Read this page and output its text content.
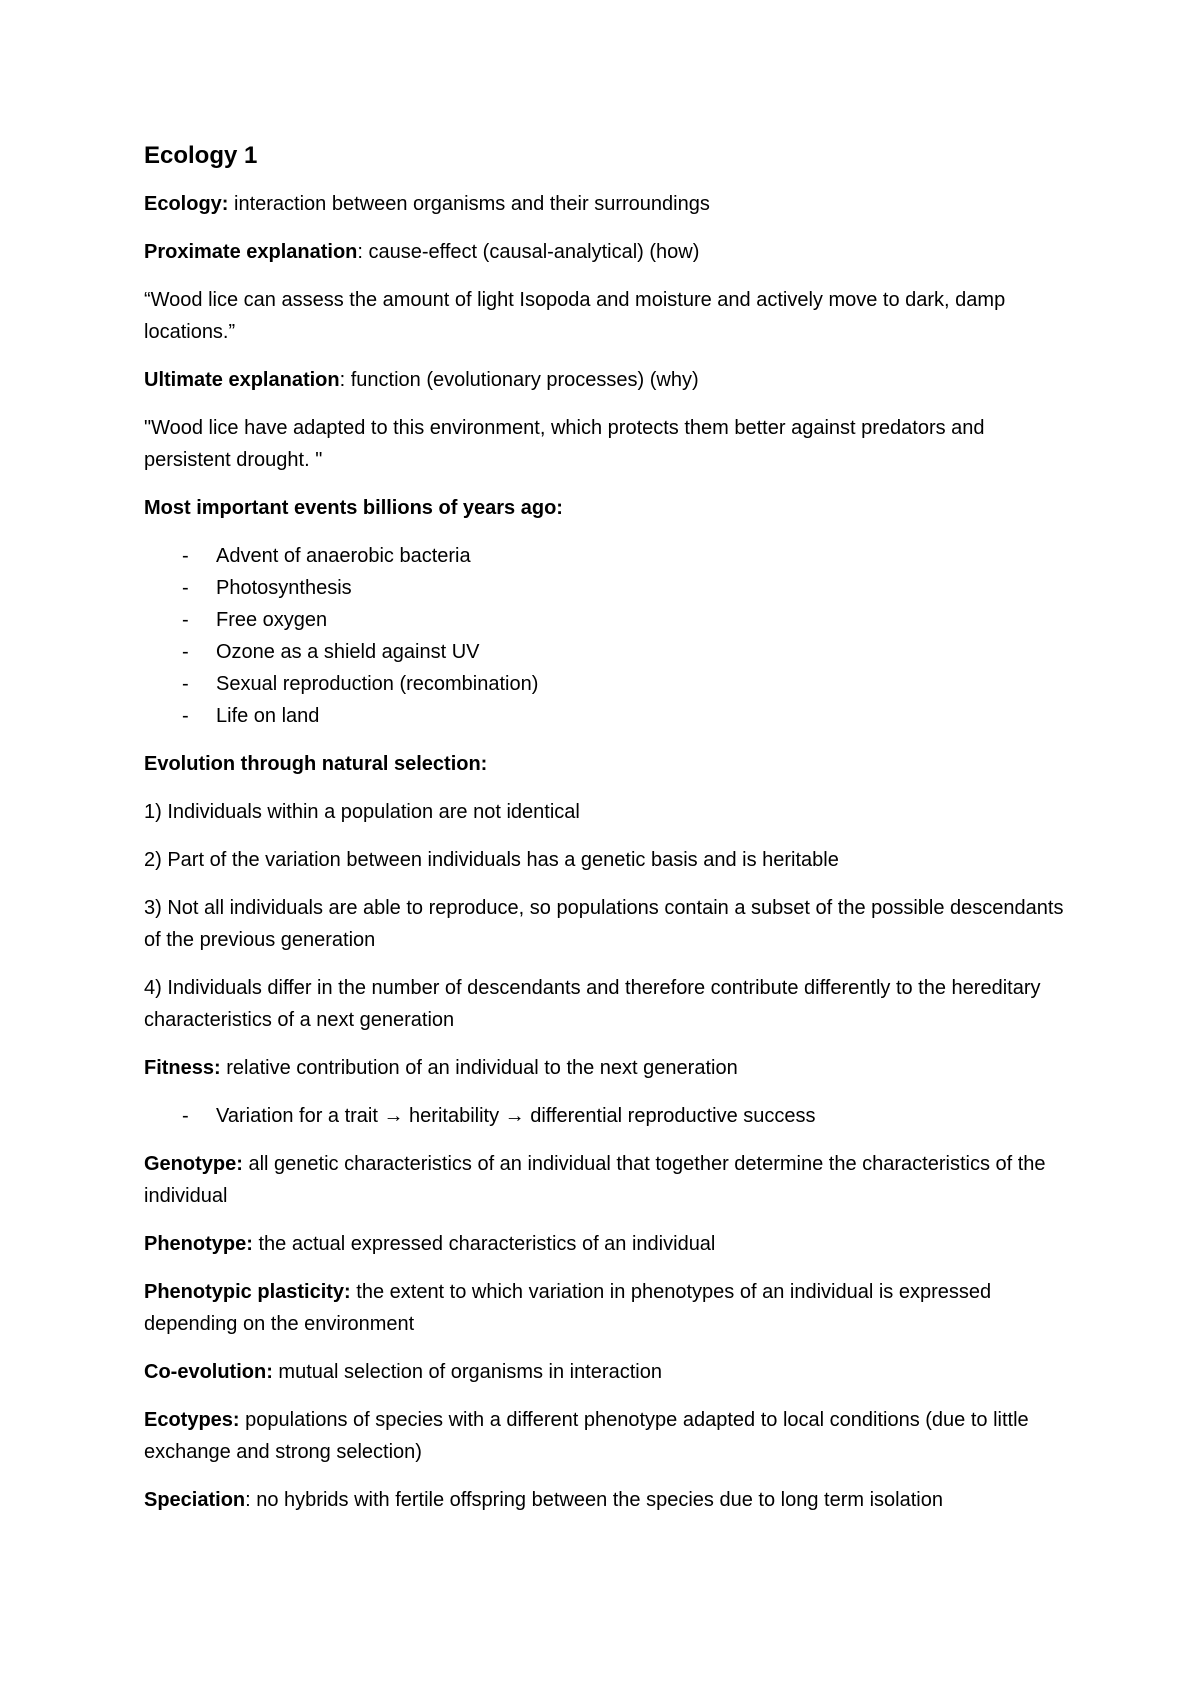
Ecology 1

Ecology: interaction between organisms and their surroundings

Proximate explanation: cause-effect (causal-analytical) (how)

“Wood lice can assess the amount of light Isopoda and moisture and actively move to dark, damp locations.”

Ultimate explanation: function (evolutionary processes) (why)

"Wood lice have adapted to this environment, which protects them better against predators and persistent drought. "

Most important events billions of years ago:

- Advent of anaerobic bacteria
- Photosynthesis
- Free oxygen
- Ozone as a shield against UV
- Sexual reproduction (recombination)
- Life on land

Evolution through natural selection:

1) Individuals within a population are not identical

2) Part of the variation between individuals has a genetic basis and is heritable

3) Not all individuals are able to reproduce, so populations contain a subset of the possible descendants of the previous generation

4) Individuals differ in the number of descendants and therefore contribute differently to the hereditary characteristics of a next generation

Fitness: relative contribution of an individual to the next generation

- Variation for a trait → heritability → differential reproductive success

Genotype: all genetic characteristics of an individual that together determine the characteristics of the individual

Phenotype: the actual expressed characteristics of an individual

Phenotypic plasticity: the extent to which variation in phenotypes of an individual is expressed depending on the environment

Co-evolution: mutual selection of organisms in interaction

Ecotypes: populations of species with a different phenotype adapted to local conditions (due to little exchange and strong selection)

Speciation: no hybrids with fertile offspring between the species due to long term isolation
